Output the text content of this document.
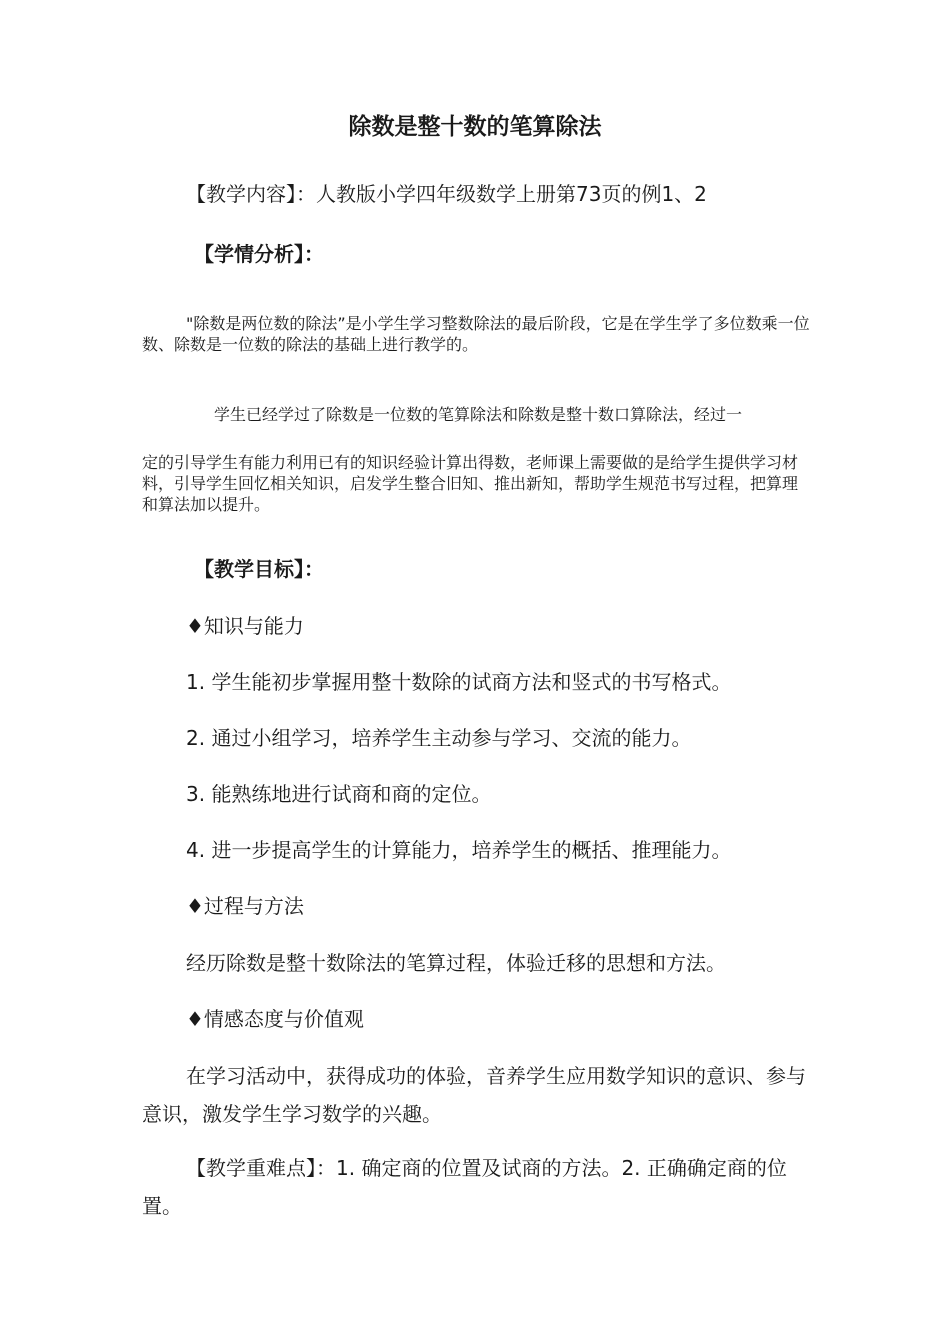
除数是整十数的笔算除法
【教学内容】：人教版小学四年级数学上册第73页的例1、2
【学情分析】：
"除数是两位数的除法”是小学生学习整数除法的最后阶段，它是在学生学了多位数乘一位数、除数是一位数的除法的基础上进行教学的。
学生已经学过了除数是一位数的笔算除法和除数是整十数口算除法，经过一
定的引导学生有能力利用已有的知识经验计算出得数，老师课上需要做的是给学生提供学习材料，引导学生回忆相关知识，启发学生整合旧知、推出新知，帮助学生规范书写过程，把算理和算法加以提升。
【教学目标】：
♦知识与能力
1. 学生能初步掌握用整十数除的试商方法和竖式的书写格式。
2. 通过小组学习，培养学生主动参与学习、交流的能力。
3. 能熟练地进行试商和商的定位。
4. 进一步提高学生的计算能力，培养学生的概括、推理能力。
♦过程与方法
经历除数是整十数除法的笔算过程，体验迁移的思想和方法。
♦情感态度与价值观
在学习活动中，获得成功的体验，音养学生应用数学知识的意识、参与意识，激发学生学习数学的兴趣。
【教学重难点】：1. 确定商的位置及试商的方法。2. 正确确定商的位置。
